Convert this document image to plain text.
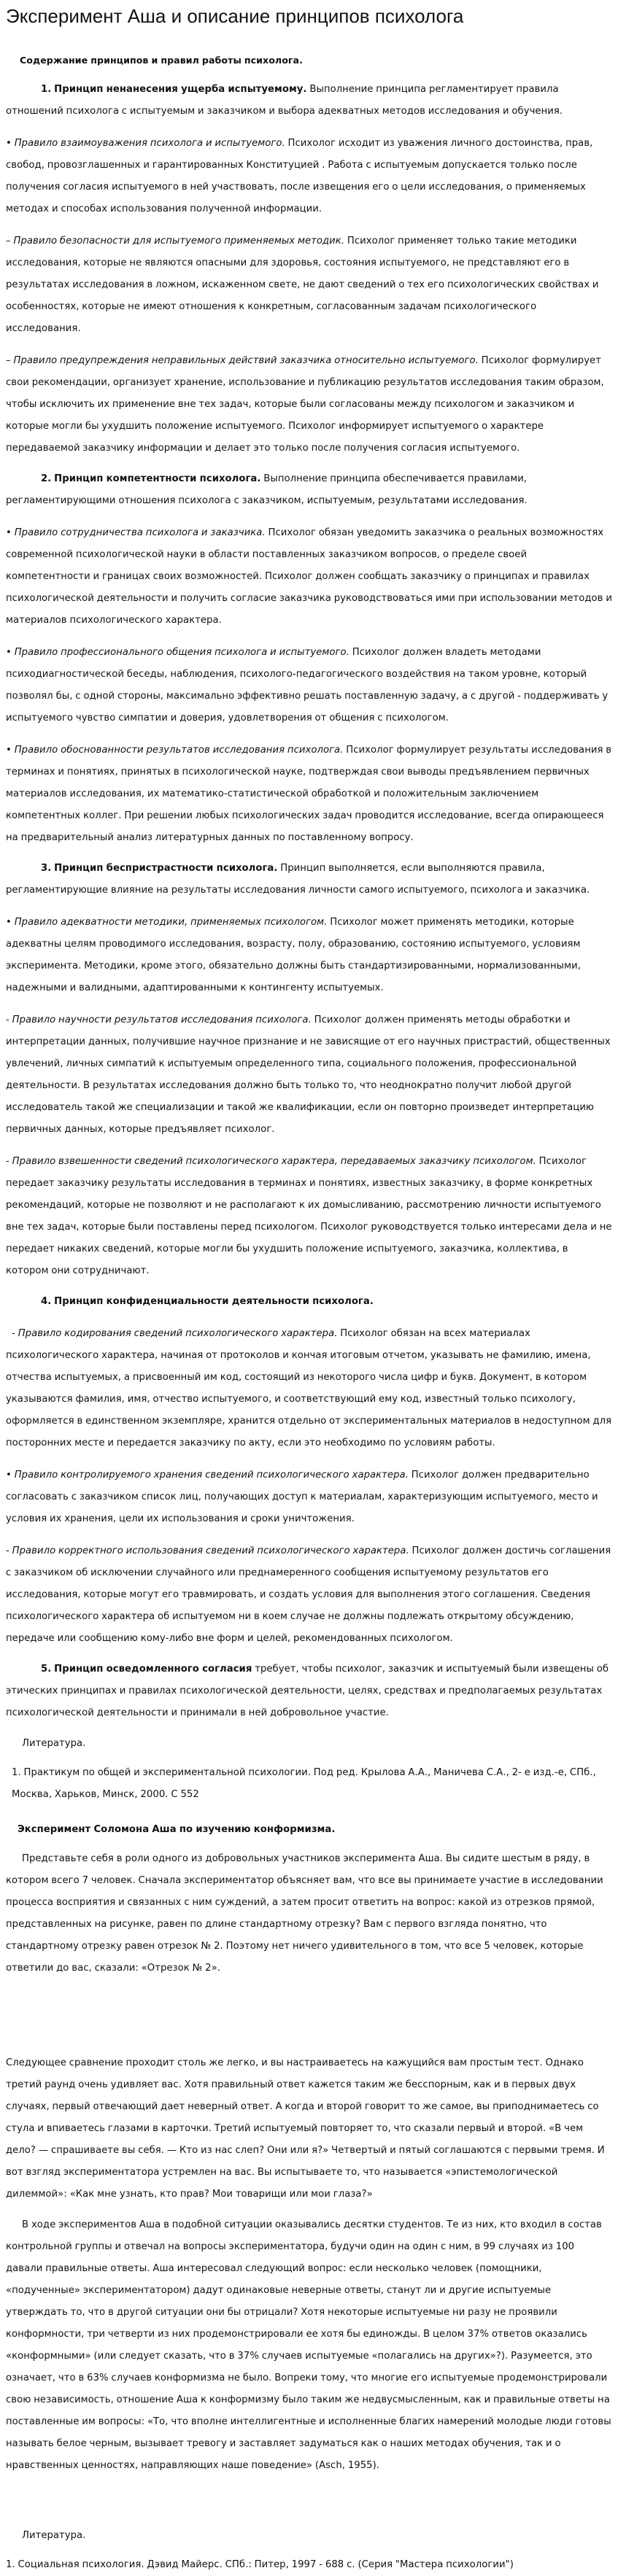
Эксперимент Аша и описание принципов психолога
Содержание принципов и правил работы психолога.

1. Принцип ненанесения ущерба испытуемому. Выполнение принципа регламентирует правила отношений психолога с испытуемым и заказчиком и выбора адекватных методов исследования и обучения.

• Правило взаимоуважения психолога и испытуемого. Психолог исходит из уважения личного достоинства, прав, свобод, провозглашенных и гарантированных Конституцией . Работа с испытуемым допускается только после получения согласия испытуемого в ней участвовать, после извещения его о цели исследования, о применяемых методах и способах использования полученной информации.

– Правило безопасности для испытуемого применяемых методик. Психолог применяет только такие методики исследования, которые не являются опасными для здоровья, состояния испытуемого, не представляют его в результатах исследования в ложном, искаженном свете, не дают сведений о тех его психологических свойствах и особенностях, которые не имеют отношения к конкретным, согласованным задачам психологического исследования.

– Правило предупреждения неправильных действий заказчика относительно испытуемого. Психолог формулирует свои рекомендации, организует хранение, использование и публикацию результатов исследования таким образом, чтобы исключить их применение вне тех задач, которые были согласованы между психологом и заказчиком и которые могли бы ухудшить положение испытуемого. Психолог информирует испытуемого о характере передаваемой заказчику информации и делает это только после получения согласия испытуемого.

2. Принцип компетентности психолога. Выполнение принципа обеспечивается правилами, регламентирующими отношения психолога с заказчиком, испытуемым, результатами исследования.

• Правило сотрудничества психолога и заказчика. Психолог обязан уведомить заказчика о реальных возможностях современной психологической науки в области поставленных заказчиком вопросов, о пределе своей компетентности и границах своих возможностей. Психолог должен сообщать заказчику о принципах и правилах психологической деятельности и получить согласие заказчика руководствоваться ими при использовании методов и материалов психологического характера.

• Правило профессионального общения психолога и испытуемого. Психолог должен владеть методами психодиагностической беседы, наблюдения, психолого-педагогического воздействия на таком уровне, который позволял бы, с одной стороны, максимально эффективно решать поставленную задачу, а с другой - поддерживать у испытуемого чувство симпатии и доверия, удовлетворения от общения с психологом.

• Правило обоснованности результатов исследования психолога. Психолог формулирует результаты исследования в терминах и понятиях, принятых в психологической науке, подтверждая свои выводы предъявлением первичных материалов исследования, их математико-статистической обработкой и положительным заключением компетентных коллег. При решении любых психологических задач проводится исследование, всегда опирающееся на предварительный анализ литературных данных по поставленному вопросу.

3. Принцип беспристрастности психолога. Принцип выполняется, если выполняются правила, регламентирующие влияние на результаты исследования личности самого испытуемого, психолога и заказчика.

• Правило адекватности методики, применяемых психологом. Психолог может применять методики, которые адекватны целям проводимого исследования, возрасту, полу, образованию, состоянию испытуемого, условиям эксперимента. Методики, кроме этого, обязательно должны быть стандартизированными, нормализованными, надежными и валидными, адаптированными к контингенту испытуемых.

- Правило научности результатов исследования психолога. Психолог должен применять методы обработки и интерпретации данных, получившие научное признание и не зависящие от его научных пристрастий, общественных увлечений, личных симпатий к испытуемым определенного типа, социального положения, профессиональной деятельности. В результатах исследования должно быть только то, что неоднократно получит любой другой исследователь такой же специализации и такой же квалификации, если он повторно произведет интерпретацию первичных данных, которые предъявляет психолог.

- Правило взвешенности сведений психологического характера, передаваемых заказчику психологом. Психолог передает заказчику результаты исследования в терминах и понятиях, известных заказчику, в форме конкретных рекомендаций, которые не позволяют и не располагают к их домысливанию, рассмотрению личности испытуемого вне тех задач, которые были поставлены перед психологом. Психолог руководствуется только интересами дела и не передает никаких сведений, которые могли бы ухудшить положение испытуемого, заказчика, коллектива, в котором они сотрудничают.

4. Принцип конфиденциальности деятельности психолога.

- Правило кодирования сведений психологического характера. Психолог обязан на всех материалах психологического характера, начиная от протоколов и кончая итоговым отчетом, указывать не фамилию, имена, отчества испытуемых, а присвоенный им код, состоящий из некоторого числа цифр и букв. Документ, в котором указываются фамилия, имя, отчество испытуемого, и соответствующий ему код, известный только психологу, оформляется в единственном экземпляре, хранится отдельно от экспериментальных материалов в недоступном для посторонних месте и передается заказчику по акту, если это необходимо по условиям работы.

• Правило контролируемого хранения сведений психологического характера. Психолог должен предварительно согласовать с заказчиком список лиц, получающих доступ к материалам, характеризующим испытуемого, место и условия их хранения, цели их использования и сроки уничтожения.

- Правило корректного использования сведений психологического характера. Психолог должен достичь соглашения с заказчиком об исключении случайного или преднамеренного сообщения испытуемому результатов его исследования, которые могут его травмировать, и создать условия для выполнения этого соглашения. Сведения психологического характера об испытуемом ни в коем случае не должны подлежать открытому обсуждению, передаче или сообщению кому-либо вне форм и целей, рекомендованных психологом.

5. Принцип осведомленного согласия требует, чтобы психолог, заказчик и испытуемый были извещены об этических принципах и правилах психологической деятельности, целях, средствах и предполагаемых результатах психологической деятельности и принимали в ней добровольное участие.

Литература.
1. Практикум по общей и экспериментальной психологии. Под ред. Крылова А.А., Маничева С.А., 2- е изд.-е, СПб., Москва, Харьков, Минск, 2000. С 552
Эксперимент Соломона Аша по изучению конформизма.

Представьте себя в роли одного из добровольных участников эксперимента Аша. Вы сидите шестым в ряду, в котором всего 7 человек. Сначала экспериментатор объясняет вам, что все вы принимаете участие в исследовании процесса восприятия и связанных с ним суждений, а затем просит ответить на вопрос: какой из отрезков прямой, представленных на рисунке, равен по длине стандартному отрезку? Вам с первого взгляда понятно, что стандартному отрезку равен отрезок № 2. Поэтому нет ничего удивительного в том, что все 5 человек, которые ответили до вас, сказали: «Отрезок № 2».

Следующее сравнение проходит столь же легко, и вы настраиваетесь на кажущийся вам простым тест. Однако третий раунд очень удивляет вас. Хотя правильный ответ кажется таким же бесспорным, как и в первых двух случаях, первый отвечающий дает неверный ответ. А когда и второй говорит то же самое, вы приподнимаетесь со стула и впиваетесь глазами в карточки. Третий испытуемый повторяет то, что сказали первый и второй. «В чем дело? — спрашиваете вы себя. — Кто из нас слеп? Они или я?» Четвертый и пятый соглашаются с первыми тремя. И вот взгляд экспериментатора устремлен на вас. Вы испытываете то, что называется «эпистемологической дилеммой»: «Как мне узнать, кто прав? Мои товарищи или мои глаза?»

В ходе экспериментов Аша в подобной ситуации оказывались десятки студентов. Те из них, кто входил в состав контрольной группы и отвечал на вопросы экспериментатора, будучи один на один с ним, в 99 случаях из 100 давали правильные ответы. Аша интересовал следующий вопрос: если несколько человек (помощники, «подученные» экспериментатором) дадут одинаковые неверные ответы, станут ли и другие испытуемые утверждать то, что в другой ситуации они бы отрицали? Хотя некоторые испытуемые ни разу не проявили конформности, три четверти из них продемонстрировали ее хотя бы единожды. В целом 37% ответов оказались «конформными» (или следует сказать, что в 37% случаев испытуемые «полагались на других»?). Разумеется, это означает, что в 63% случаев конформизма не было. Вопреки тому, что многие его испытуемые продемонстрировали свою независимость, отношение Аша к конформизму было таким же недвусмысленным, как и правильные ответы на поставленные им вопросы: «То, что вполне интеллигентные и исполненные благих намерений молодые люди готовы называть белое черным, вызывает тревогу и заставляет задуматься как о наших методах обучения, так и о нравственных ценностях, направляющих наше поведение» (Asch, 1955).

Литература.
1. Социальная психология. Дэвид Майерс. СПб.: Питер, 1997 - 688 с. (Серия "Мастера психологии")
